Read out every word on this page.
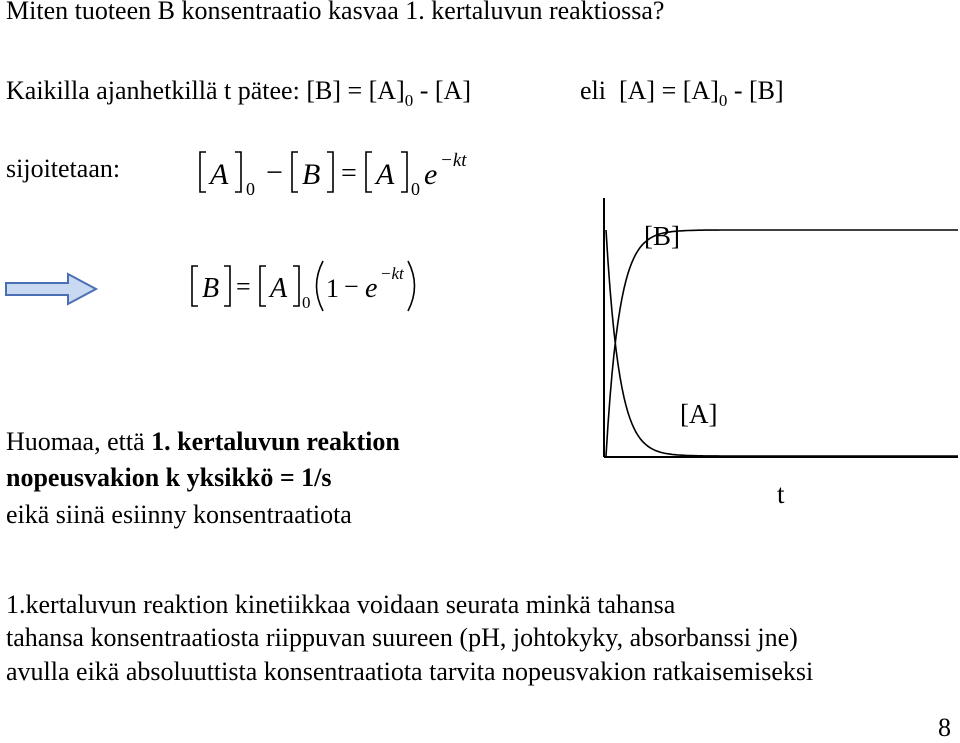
Miten tuoteen B konsentraatio kasvaa 1. kertaluvun reaktiossa?
Kaikilla ajanhetkillä t pätee: $[B] = [A]_0 - [A]$	eli $[A] = [A]_0 - [B]$
sijoitetaan:	A 0 − B = A 0 e −kt
B = A 0 1 − e −kt
Huomaa, että 1. kertaluvun reaktion
nopeusvakion k yksikkö = 1/s
eikä siinä esiinny konsentraatiota
[B]
[A]
t
1.kertaluvun reaktion kinetiikkaa voidaan seurata minkä tahansa
tahansa konsentraatiosta riippuvan suureen (pH, johtokyky, absorbanssi jne)
avulla eikä absoluuttista konsentraatiota tarvita nopeusvakion ratkaisemiseksi
8
